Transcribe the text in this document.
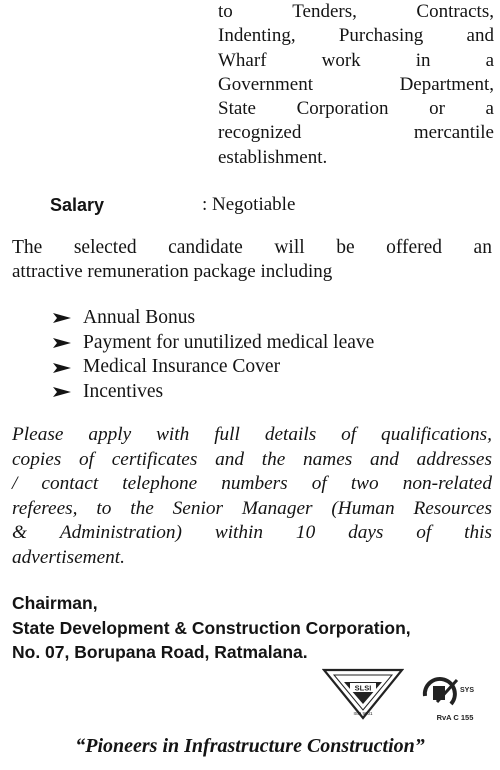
to	Tenders,	Contracts,
Indenting, Purchasing and
Wharf	work	in	a
Government	Department,
State Corporation or a
recognized	mercantile
establishment.
Salary	: Negotiable
The selected candidate will be offered an
attractive remuneration package including
Annual Bonus
Payment for unutilized medical leave
Medical Insurance Cover
Incentives
Please apply with full details of qualifications,
copies of certificates and the names and addresses
/ contact telephone numbers of two non-related
referees, to the Senior Manager (Human Resources
& Administration) within 10 days of this
advertisement.
Chairman,
State Development & Construction Corporation,
No. 07, Borupana Road, Ratmalana.
SLSI
ISO 9001
SYS
RvA C 155
“Pioneers in Infrastructure Construction”
